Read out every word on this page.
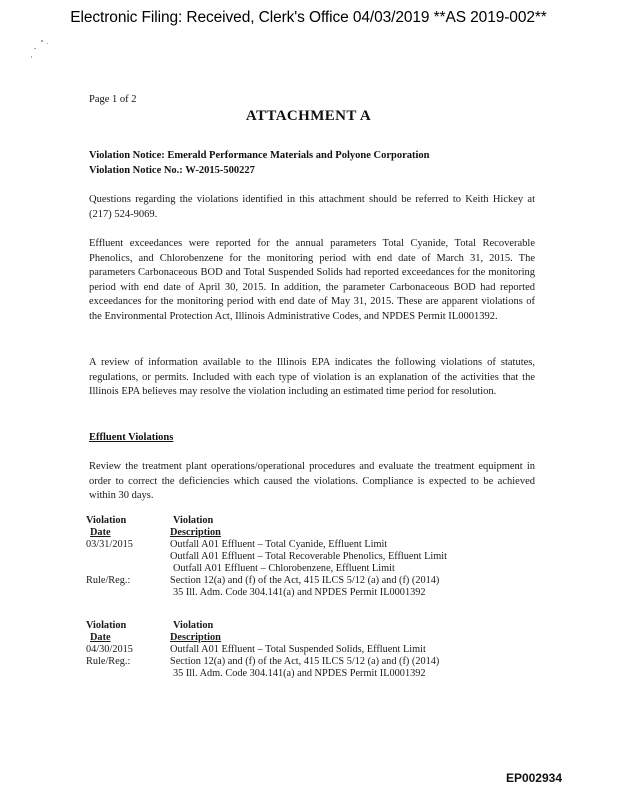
Electronic Filing: Received, Clerk's Office 04/03/2019 **AS 2019-002**
Page 1 of 2
ATTACHMENT A
Violation Notice: Emerald Performance Materials and Polyone Corporation
Violation Notice No.: W-2015-500227
Questions regarding the violations identified in this attachment should be referred to Keith Hickey at (217) 524-9069.
Effluent exceedances were reported for the annual parameters Total Cyanide, Total Recoverable Phenolics, and Chlorobenzene for the monitoring period with end date of March 31, 2015. The parameters Carbonaceous BOD and Total Suspended Solids had reported exceedances for the monitoring period with end date of April 30, 2015. In addition, the parameter Carbonaceous BOD had reported exceedances for the monitoring period with end date of May 31, 2015. These are apparent violations of the Environmental Protection Act, Illinois Administrative Codes, and NPDES Permit IL0001392.
A review of information available to the Illinois EPA indicates the following violations of statutes, regulations, or permits. Included with each type of violation is an explanation of the activities that the Illinois EPA believes may resolve the violation including an estimated time period for resolution.
Effluent Violations
Review the treatment plant operations/operational procedures and evaluate the treatment equipment in order to correct the deficiencies which caused the violations. Compliance is expected to be achieved within 30 days.
Violation	Violation
Date	Description
03/31/2015	Outfall A01 Effluent – Total Cyanide, Effluent Limit
Outfall A01 Effluent – Total Recoverable Phenolics, Effluent Limit
Outfall A01 Effluent – Chlorobenzene, Effluent Limit
Rule/Reg.:	Section 12(a) and (f) of the Act, 415 ILCS 5/12 (a) and (f) (2014)
35 Ill. Adm. Code 304.141(a) and NPDES Permit IL0001392
Violation	Violation
Date	Description
04/30/2015	Outfall A01 Effluent – Total Suspended Solids, Effluent Limit
Rule/Reg.:	Section 12(a) and (f) of the Act, 415 ILCS 5/12 (a) and (f) (2014)
35 Ill. Adm. Code 304.141(a) and NPDES Permit IL0001392
EP002934
